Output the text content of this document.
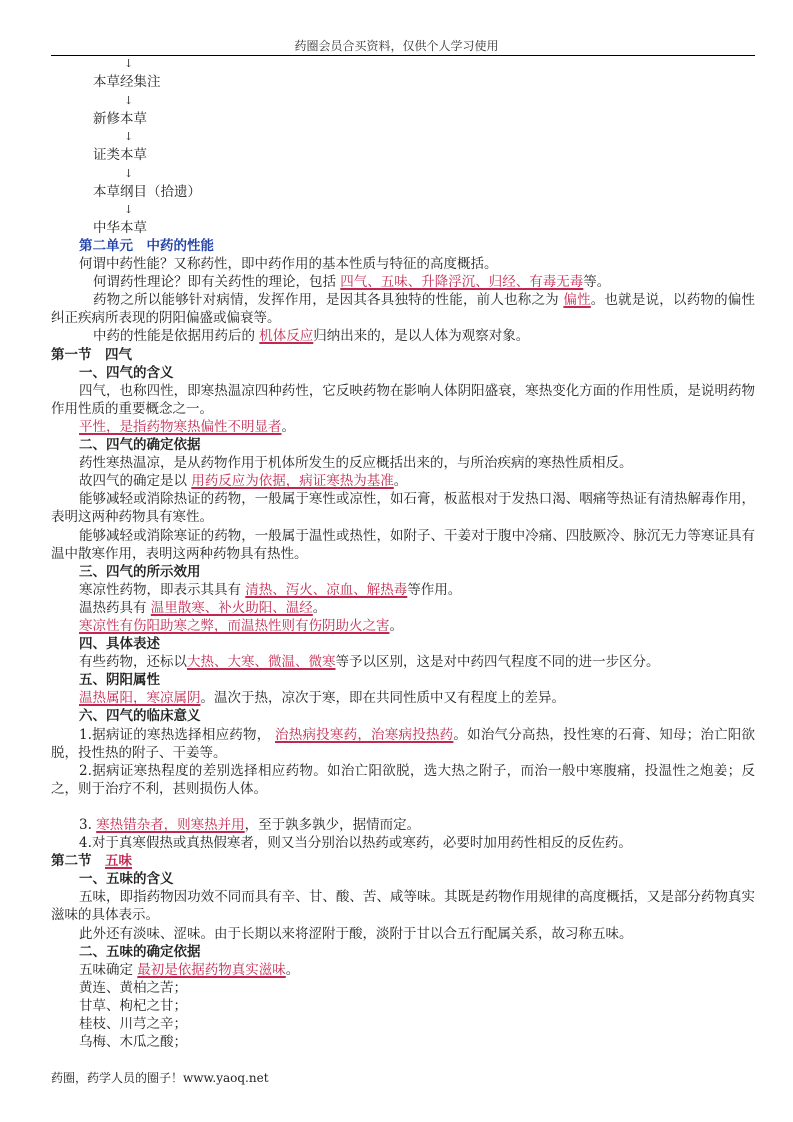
药圈会员合买资料，仅供个人学习使用
↓
本草经集注
↓
新修本草
↓
证类本草
↓
本草纲目（拾遗）
↓
中华本草
第二单元　中药的性能
何谓中药性能？又称药性，即中药作用的基本性质与特征的高度概括。
何谓药性理论？即有关药性的理论，包括 四气、五味、升降浮沉、归经、有毒无毒等。
药物之所以能够针对病情，发挥作用，是因其各具独特的性能，前人也称之为 偏性。也就是说，以药物的偏性纠正疾病所表现的阴阳偏盛或偏衰等。
中药的性能是依据用药后的 机体反应归纳出来的，是以人体为观察对象。
第一节　四气
一、四气的含义
四气，也称四性，即寒热温凉四种药性，它反映药物在影响人体阴阳盛衰，寒热变化方面的作用性质，是说明药物作用性质的重要概念之一。
平性，是指药物寒热偏性不明显者。
二、四气的确定依据
药性寒热温凉，是从药物作用于机体所发生的反应概括出来的，与所治疾病的寒热性质相反。
故四气的确定是以 用药反应为依据，病证寒热为基准。
能够减轻或消除热证的药物，一般属于寒性或凉性，如石膏，板蓝根对于发热口渴、咽痛等热证有清热解毒作用，表明这两种药物具有寒性。
能够减轻或消除寒证的药物，一般属于温性或热性，如附子、干姜对于腹中冷痛、四肢厥冷、脉沉无力等寒证具有温中散寒作用，表明这两种药物具有热性。
三、四气的所示效用
寒凉性药物，即表示其具有 清热、泻火、凉血、解热毒等作用。
温热药具有 温里散寒、补火助阳、温经。
寒凉性有伤阳助寒之弊，而温热性则有伤阴助火之害。
四、具体表述
有些药物，还标以大热、大寒、微温、微寒等予以区别，这是对中药四气程度不同的进一步区分。
五、阴阳属性
温热属阳，寒凉属阴。温次于热，凉次于寒，即在共同性质中又有程度上的差异。
六、四气的临床意义
1.据病证的寒热选择相应药物， 治热病投寒药，治寒病投热药。如治气分高热，投性寒的石膏、知母；治亡阳欲脱，投性热的附子、干姜等。
2.据病证寒热程度的差别选择相应药物。如治亡阳欲脱，选大热之附子，而治一般中寒腹痛，投温性之炮姜；反之，则于治疗不利，甚则损伤人体。
3. 寒热错杂者，则寒热并用，至于孰多孰少，据情而定。
4.对于真寒假热或真热假寒者，则又当分别治以热药或寒药，必要时加用药性相反的反佐药。
第二节　五味
一、五味的含义
五味，即指药物因功效不同而具有辛、甘、酸、苦、咸等味。其既是药物作用规律的高度概括，又是部分药物真实滋味的具体表示。
此外还有淡味、涩味。由于长期以来将涩附于酸，淡附于甘以合五行配属关系，故习称五味。
二、五味的确定依据
五味确定 最初是依据药物真实滋味。
黄连、黄柏之苦；
甘草、枸杞之甘；
桂枝、川芎之辛；
乌梅、木瓜之酸；
药圈，药学人员的圈子！www.yaoq.net
